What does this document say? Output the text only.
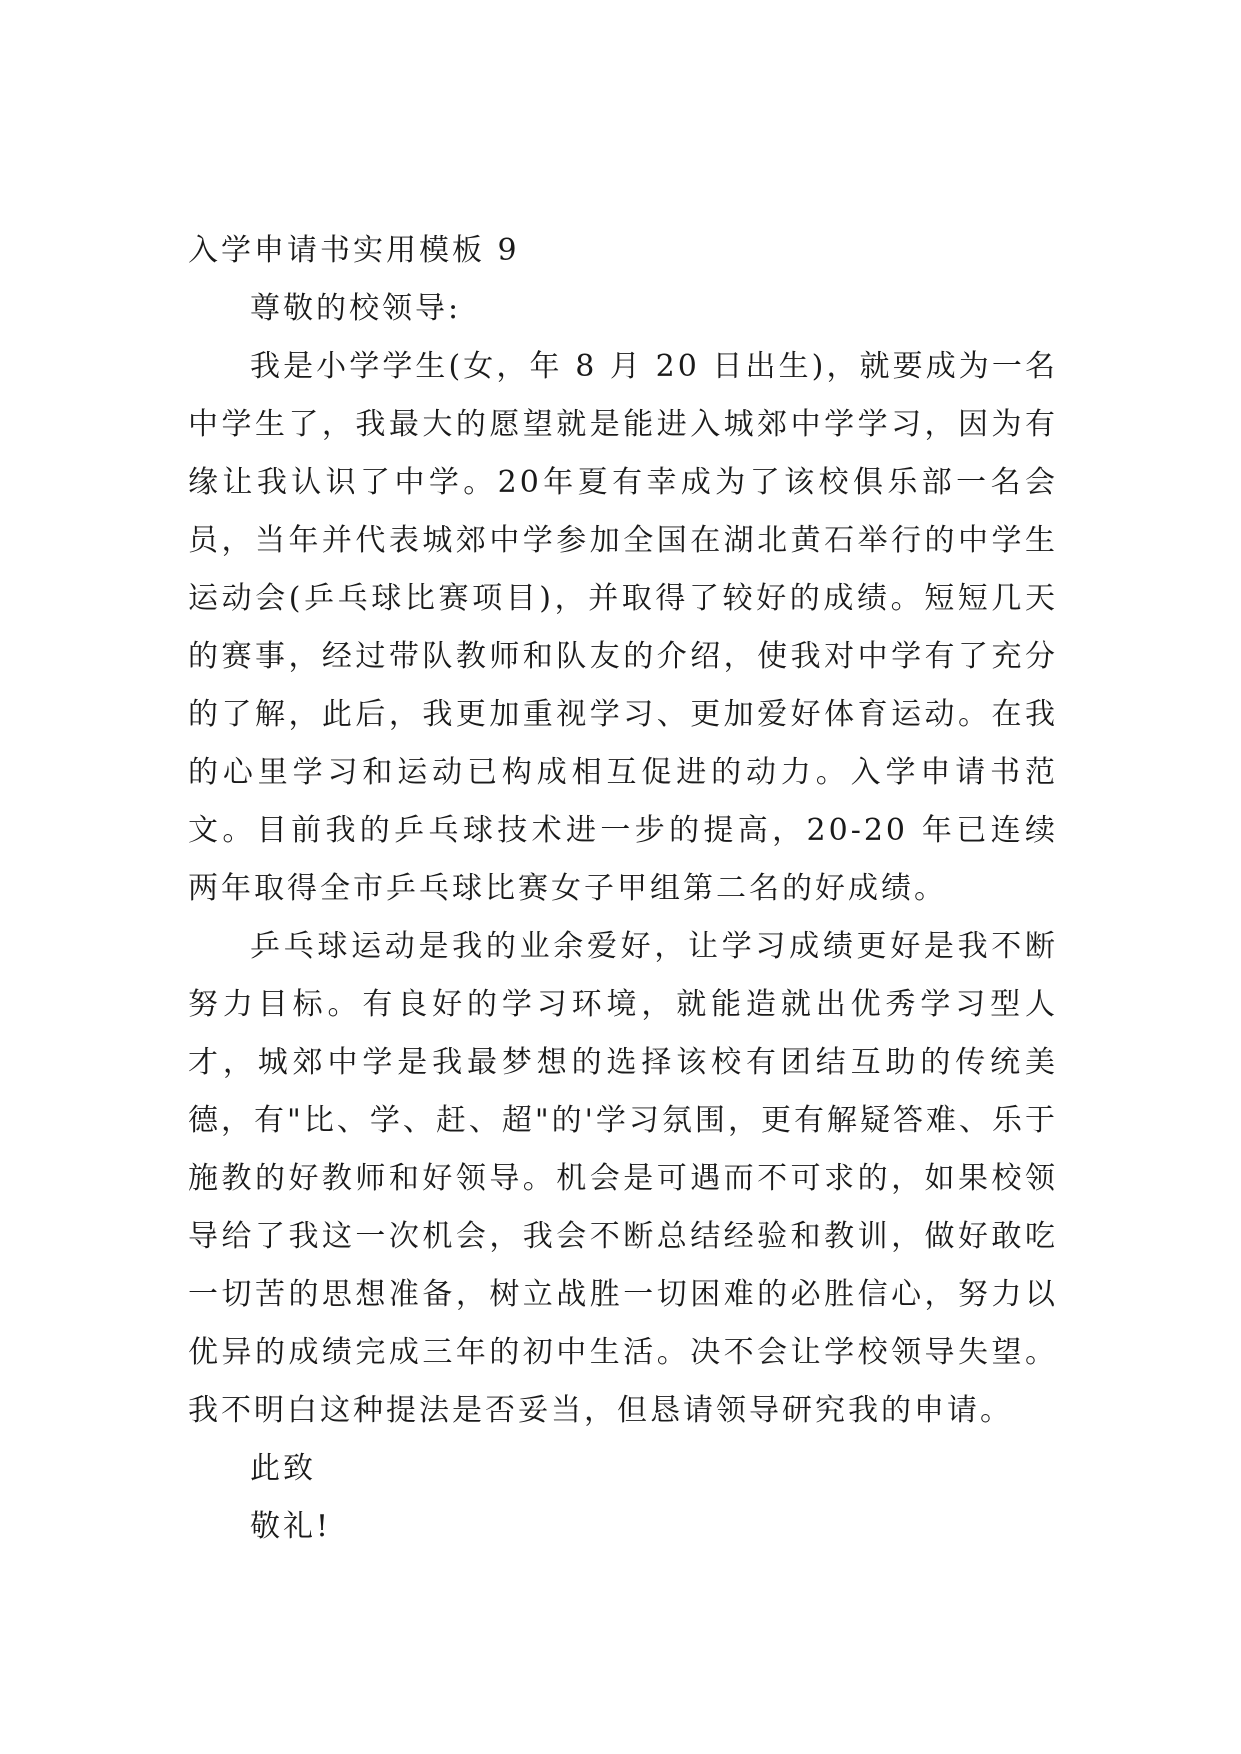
入学申请书实用模板 9

尊敬的校领导:

我是小学学生(女，年 8 月 20 日出生)，就要成为一名中学生了，我最大的愿望就是能进入城郊中学学习，因为有缘让我认识了中学。20年夏有幸成为了该校俱乐部一名会员，当年并代表城郊中学参加全国在湖北黄石举行的中学生运动会(乒乓球比赛项目)，并取得了较好的成绩。短短几天的赛事，经过带队教师和队友的介绍，使我对中学有了充分的了解，此后，我更加重视学习、更加爱好体育运动。在我的心里学习和运动已构成相互促进的动力。入学申请书范文。目前我的乒乓球技术进一步的提高，20-20 年已连续两年取得全市乒乓球比赛女子甲组第二名的好成绩。

乒乓球运动是我的业余爱好，让学习成绩更好是我不断努力目标。有良好的学习环境，就能造就出优秀学习型人才，城郊中学是我最梦想的选择该校有团结互助的传统美德，有"比、学、赶、超"的'学习氛围，更有解疑答难、乐于施教的好教师和好领导。机会是可遇而不可求的，如果校领导给了我这一次机会，我会不断总结经验和教训，做好敢吃一切苦的思想准备，树立战胜一切困难的必胜信心，努力以优异的成绩完成三年的初中生活。决不会让学校领导失望。我不明白这种提法是否妥当，但恳请领导研究我的申请。

此致

敬礼!
